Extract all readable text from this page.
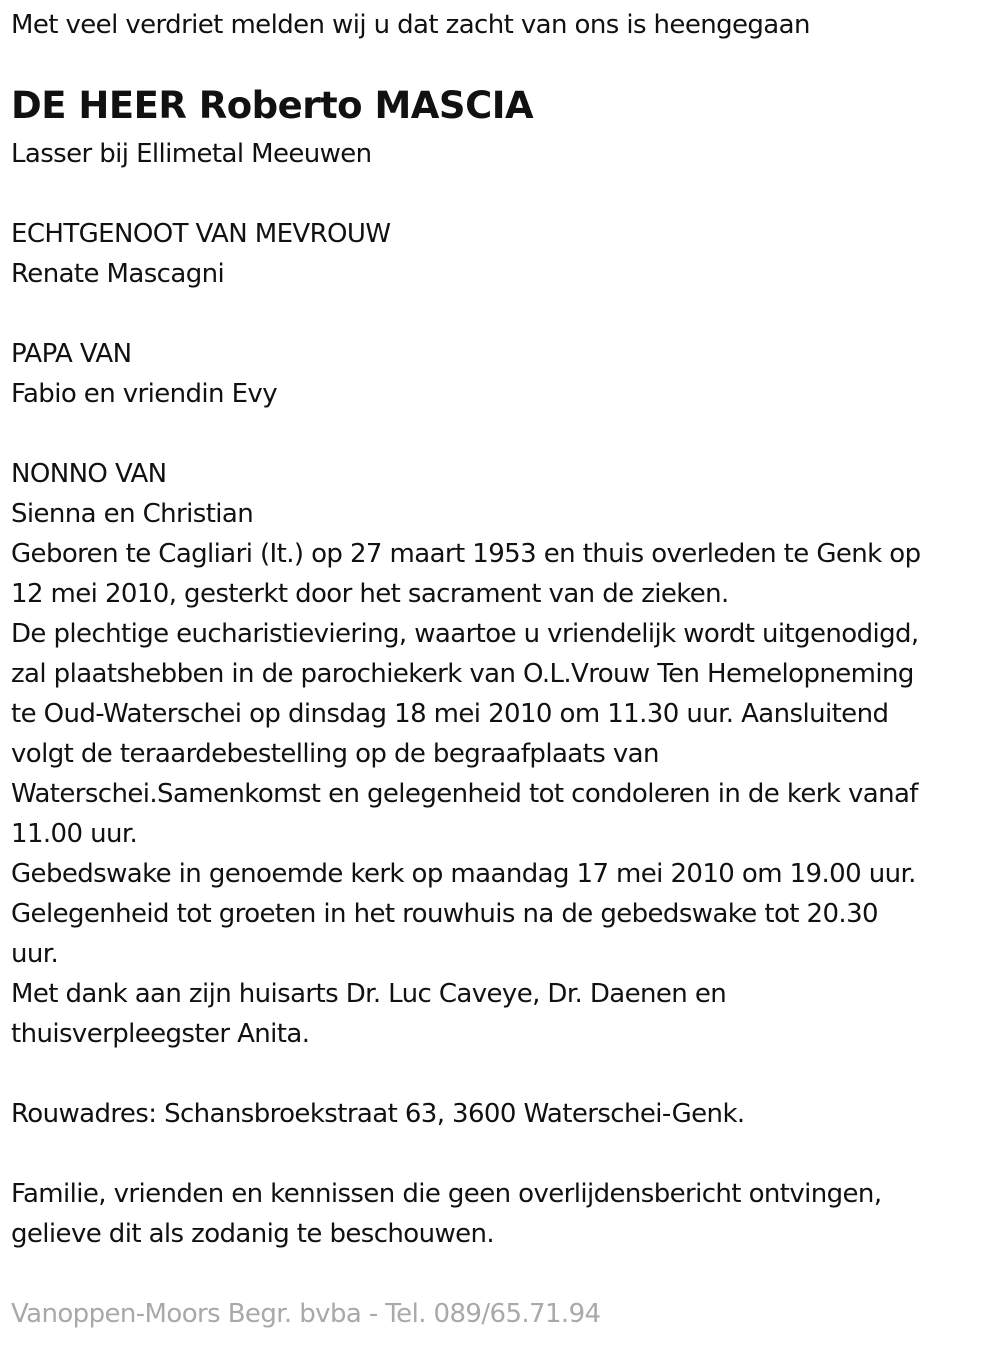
Met veel verdriet melden wij u dat zacht van ons is heengegaan
DE HEER Roberto MASCIA
Lasser bij Ellimetal Meeuwen
ECHTGENOOT VAN MEVROUW
Renate Mascagni
PAPA VAN
Fabio en vriendin Evy
NONNO VAN
Sienna en Christian
Geboren te Cagliari (It.) op 27 maart 1953 en thuis overleden te Genk op
12 mei 2010, gesterkt door het sacrament van de zieken.
De plechtige eucharistieviering, waartoe u vriendelijk wordt uitgenodigd,
zal plaatshebben in de parochiekerk van O.L.Vrouw Ten Hemelopneming
te Oud-Waterschei op dinsdag 18 mei 2010 om 11.30 uur. Aansluitend
volgt de teraardebestelling op de begraafplaats van
Waterschei.Samenkomst en gelegenheid tot condoleren in de kerk vanaf
11.00 uur.
Gebedswake in genoemde kerk op maandag 17 mei 2010 om 19.00 uur.
Gelegenheid tot groeten in het rouwhuis na de gebedswake tot 20.30
uur.
Met dank aan zijn huisarts Dr. Luc Caveye, Dr. Daenen en
thuisverpleegster Anita.
Rouwadres: Schansbroekstraat 63, 3600 Waterschei-Genk.
Familie, vrienden en kennissen die geen overlijdensbericht ontvingen,
gelieve dit als zodanig te beschouwen.
Vanoppen-Moors Begr. bvba - Tel. 089/65.71.94
